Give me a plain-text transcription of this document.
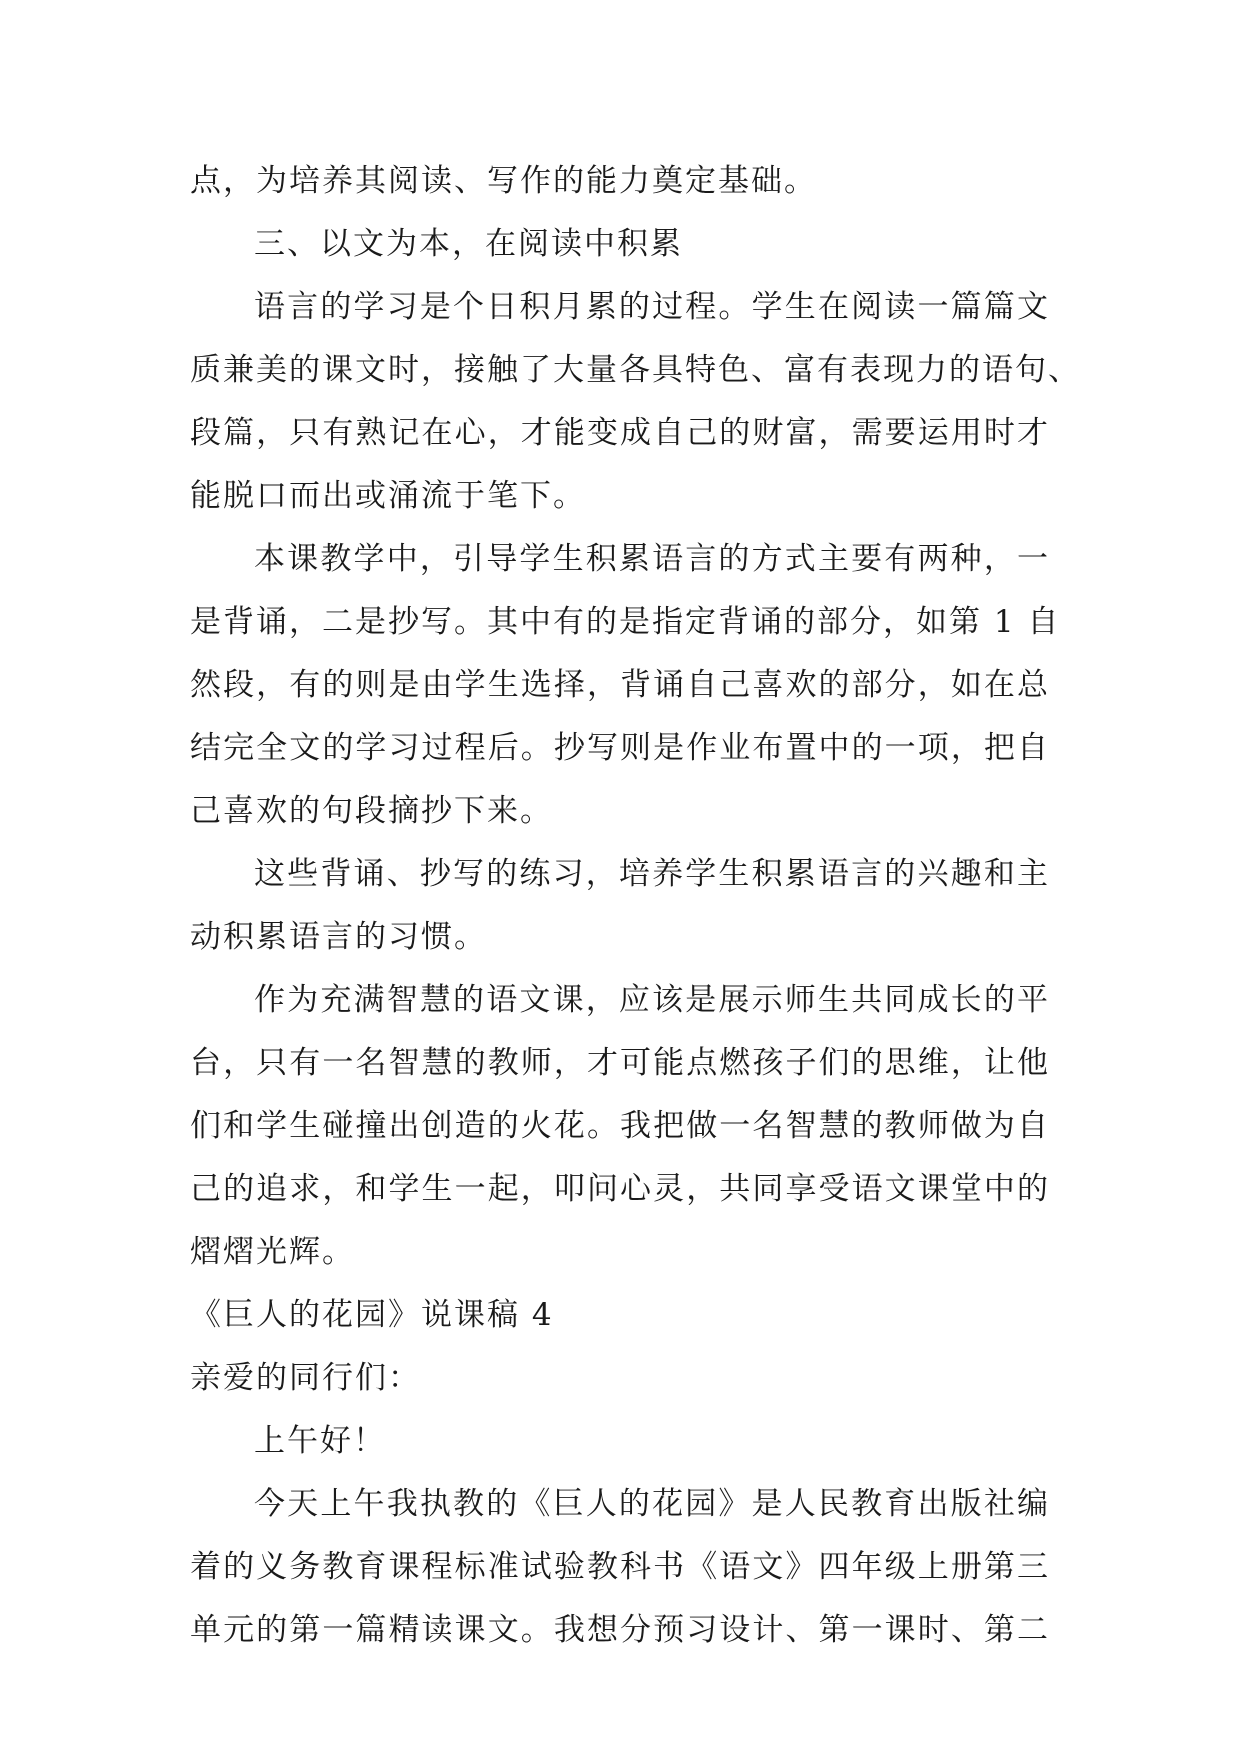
点，为培养其阅读、写作的能力奠定基础。
三、以文为本，在阅读中积累
语言的学习是个日积月累的过程。学生在阅读一篇篇文
质兼美的课文时，接触了大量各具特色、富有表现力的语句、
段篇，只有熟记在心，才能变成自己的财富，需要运用时才
能脱口而出或涌流于笔下。
本课教学中，引导学生积累语言的方式主要有两种，一
是背诵，二是抄写。其中有的是指定背诵的部分，如第 1 自
然段，有的则是由学生选择，背诵自己喜欢的部分，如在总
结完全文的学习过程后。抄写则是作业布置中的一项，把自
己喜欢的句段摘抄下来。
这些背诵、抄写的练习，培养学生积累语言的兴趣和主
动积累语言的习惯。
作为充满智慧的语文课，应该是展示师生共同成长的平
台，只有一名智慧的教师，才可能点燃孩子们的思维，让他
们和学生碰撞出创造的火花。我把做一名智慧的教师做为自
己的追求，和学生一起，叩问心灵，共同享受语文课堂中的
熠熠光辉。
《巨人的花园》说课稿 4
亲爱的同行们：
上午好！
今天上午我执教的《巨人的花园》是人民教育出版社编
着的义务教育课程标准试验教科书《语文》四年级上册第三
单元的第一篇精读课文。我想分预习设计、第一课时、第二
